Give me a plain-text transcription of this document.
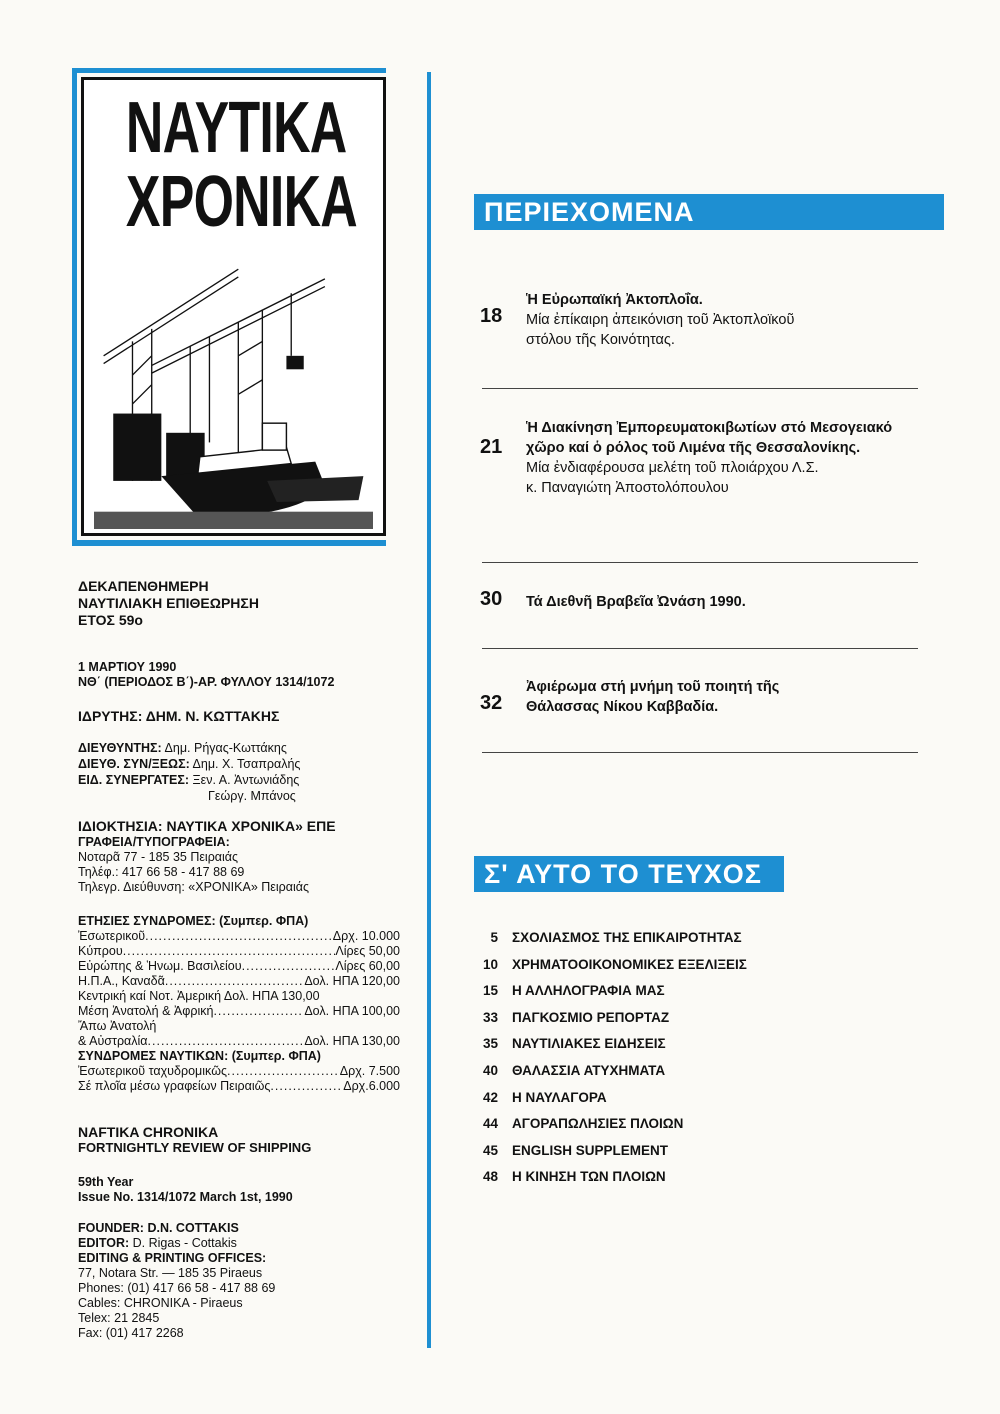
ΝΑΥΤΙΚΑ
ΧΡΟΝΙΚΑ
ΔΕΚΑΠΕΝΘΗΜΕΡΗ
ΝΑΥΤΙΛΙΑΚΗ ΕΠΙΘΕΩΡΗΣΗ
ΕΤΟΣ 59ο
1 ΜΑΡΤΙΟΥ 1990
ΝΘ΄ (ΠΕΡΙΟΔΟΣ Β΄)-ΑΡ. ΦΥΛΛΟΥ 1314/1072
ΙΔΡΥΤΗΣ: ΔΗΜ. Ν. ΚΩΤΤΑΚΗΣ
ΔΙΕΥΘΥΝΤΗΣ: Δημ. Ρήγας-Κωττάκης
ΔΙΕΥΘ. ΣΥΝ/ΞΕΩΣ: Δημ. Χ. Τσαπραλής
ΕΙΔ. ΣΥΝΕΡΓΑΤΕΣ: Ξεν. Α. Ἀντωνιάδης
Γεώργ. Μπάνος
ΙΔΙΟΚΤΗΣΙΑ: ΝΑΥΤΙΚΑ ΧΡΟΝΙΚΑ» ΕΠΕ
ΓΡΑΦΕΙΑ/ΤΥΠΟΓΡΑΦΕΙΑ:
Νοταρᾶ 77 - 185 35 Πειραιάς
Τηλέφ.: 417 66 58 - 417 88 69
Τηλεγρ. Διεύθυνση: «ΧΡΟΝΙΚΑ» Πειραιάς
ΕΤΗΣΙΕΣ ΣΥΝΔΡΟΜΕΣ: (Συμπερ. ΦΠΑ)
Ἐσωτερικοῦ .....	Δρχ. 10.000
Κύπρου .....	Λίρες 50,00
Εὐρώπης & Ἡνωμ. Βασιλείου .....	Λίρες 60,00
Η.Π.Α., Καναδᾶ .....	Δολ. ΗΠΑ 120,00
Κεντρική καί Νοτ. Ἀμερική Δολ. ΗΠΑ 130,00
Μέση Ἀνατολή & Ἀφρική .....	Δολ. ΗΠΑ 100,00
Ἄπω Ἀνατολή
& Αὐστραλία .....	Δολ. ΗΠΑ 130,00
ΣΥΝΔΡΟΜΕΣ ΝΑΥΤΙΚΩΝ: (Συμπερ. ΦΠΑ)
Ἐσωτερικοῦ ταχυδρομικῶς .....	Δρχ. 7.500
Σέ πλοῖα μέσω γραφείων Πειραιῶς .....	Δρχ.6.000
NAFTIKA CHRONIKA
FORTNIGHTLY REVIEW OF SHIPPING
59th Year
Issue No. 1314/1072 March 1st, 1990
FOUNDER: D.N. COTTAKIS
EDITOR: D. Rigas - Cottakis
EDITING & PRINTING OFFICES:
77, Notara Str. — 185 35 Piraeus
Phones: (01) 417 66 58 - 417 88 69
Cables: CHRONIKA - Piraeus
Telex: 21 2845
Fax: (01) 417 2268
ΠΕΡΙΕΧΟΜΕΝΑ
18
Ἡ Εὐρωπαϊκή Ἀκτοπλοΐα.
Μία ἐπίκαιρη ἀπεικόνιση τοῦ Ἀκτοπλοϊκοῦ
στόλου τῆς Κοινότητας.
21
Ἡ Διακίνηση Ἐμπορευματοκιβωτίων στό Μεσογειακό χῶρο καί ὁ ρόλος τοῦ Λιμένα τῆς Θεσσαλονίκης.
Μία ἐνδιαφέρουσα μελέτη τοῦ πλοιάρχου Λ.Σ.
κ. Παναγιώτη Ἀποστολόπουλου
30 Τά Διεθνῆ Βραβεῖα Ὠνάση 1990.
32
Ἀφιέρωμα στή μνήμη τοῦ ποιητή τῆς Θάλασσας Νίκου Καββαδία.
Σ' ΑΥΤΟ ΤΟ ΤΕΥΧΟΣ
5 ΣΧΟΛΙΑΣΜΟΣ ΤΗΣ ΕΠΙΚΑΙΡΟΤΗΤΑΣ
10 ΧΡΗΜΑΤΟΟΙΚΟΝΟΜΙΚΕΣ ΕΞΕΛΙΞΕΙΣ
15 Η ΑΛΛΗΛΟΓΡΑΦΙΑ ΜΑΣ
33 ΠΑΓΚΟΣΜΙΟ ΡΕΠΟΡΤΑΖ
35 ΝΑΥΤΙΛΙΑΚΕΣ ΕΙΔΗΣΕΙΣ
40 ΘΑΛΑΣΣΙΑ ΑΤΥΧΗΜΑΤΑ
42 Η ΝΑΥΛΑΓΟΡΑ
44 ΑΓΟΡΑΠΩΛΗΣΙΕΣ ΠΛΟΙΩΝ
45 ENGLISH SUPPLEMENT
48 Η ΚΙΝΗΣΗ ΤΩΝ ΠΛΟΙΩΝ
